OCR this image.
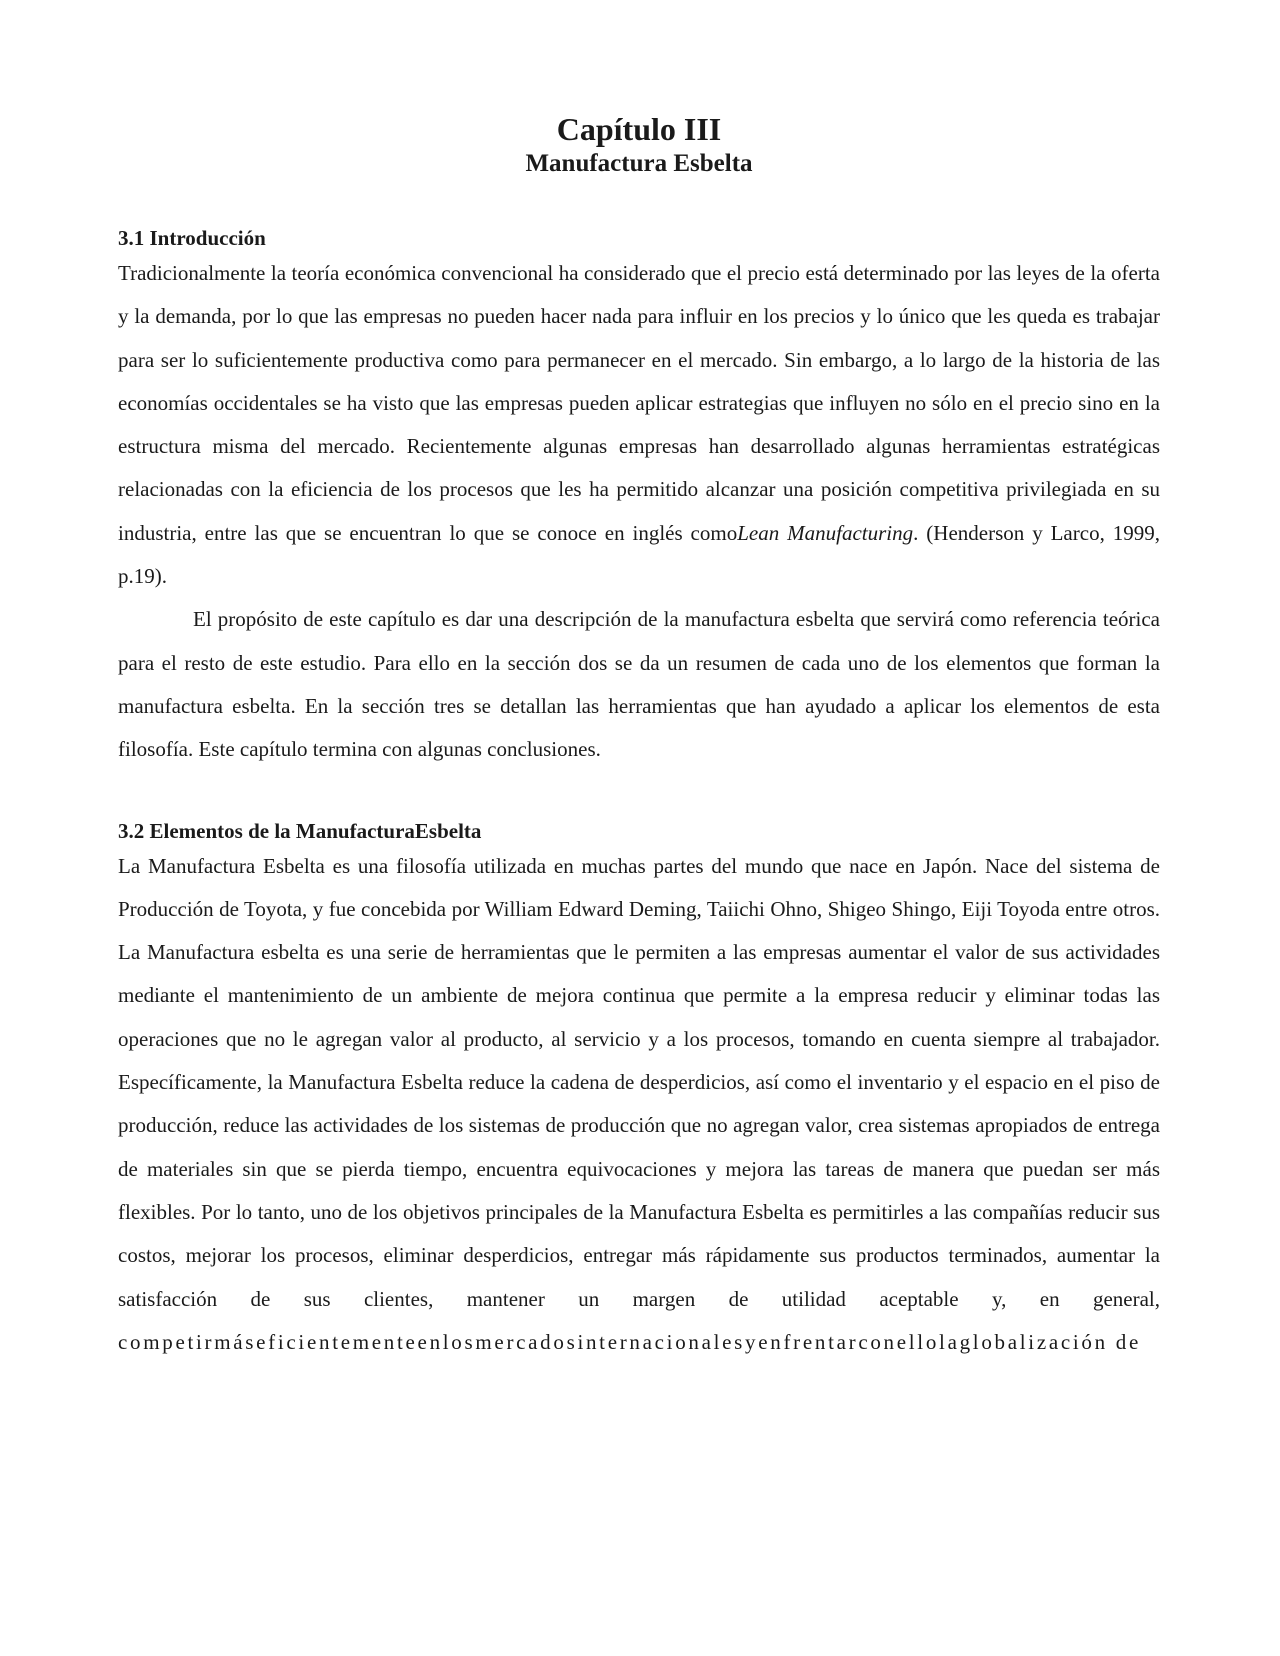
Capítulo III
Manufactura Esbelta
3.1 Introducción

Tradicionalmente la teoría económica convencional ha considerado que el precio está determinado por las leyes de la oferta y la demanda, por lo que las empresas no pueden hacer nada para influir en los precios y lo único que les queda es trabajar para ser lo suficientemente productiva como para permanecer en el mercado. Sin embargo, a lo largo de la historia de las economías occidentales se ha visto que las empresas pueden aplicar estrategias que influyen no sólo en el precio sino en la estructura misma del mercado. Recientemente algunas empresas han desarrollado algunas herramientas estratégicas relacionadas con la eficiencia de los procesos que les ha permitido alcanzar una posición competitiva privilegiada en su industria, entre las que se encuentran lo que se conoce en inglés comoLean Manufacturing. (Henderson y Larco, 1999, p.19).

El propósito de este capítulo es dar una descripción de la manufactura esbelta que servirá como referencia teórica para el resto de este estudio. Para ello en la sección dos se da un resumen de cada uno de los elementos que forman la manufactura esbelta. En la sección tres se detallan las herramientas que han ayudado a aplicar los elementos de esta filosofía. Este capítulo termina con algunas conclusiones.

3.2 Elementos de la ManufacturaEsbelta

La Manufactura Esbelta es una filosofía utilizada en muchas partes del mundo que nace en Japón. Nace del sistema de Producción de Toyota, y fue concebida por William Edward Deming, Taiichi Ohno, Shigeo Shingo, Eiji Toyoda entre otros. La Manufactura esbelta es una serie de herramientas que le permiten a las empresas aumentar el valor de sus actividades mediante el mantenimiento de un ambiente de mejora continua que permite a la empresa reducir y eliminar todas las operaciones que no le agregan valor al producto, al servicio y a los procesos, tomando en cuenta siempre al trabajador. Específicamente, la Manufactura Esbelta reduce la cadena de desperdicios, así como el inventario y el espacio en el piso de producción, reduce las actividades de los sistemas de producción que no agregan valor, crea sistemas apropiados de entrega de materiales sin que se pierda tiempo, encuentra equivocaciones y mejora las tareas de manera que puedan ser más flexibles. Por lo tanto, uno de los objetivos principales de la Manufactura Esbelta es permitirles a las compañías reducir sus costos, mejorar los procesos, eliminar desperdicios, entregar más rápidamente sus productos terminados, aumentar la satisfacción de sus clientes, mantener un margen de utilidad aceptable y, en general, competirmáseficientementeenlosmercadosinternacionalesyenfrentarconellolaglobalización de
